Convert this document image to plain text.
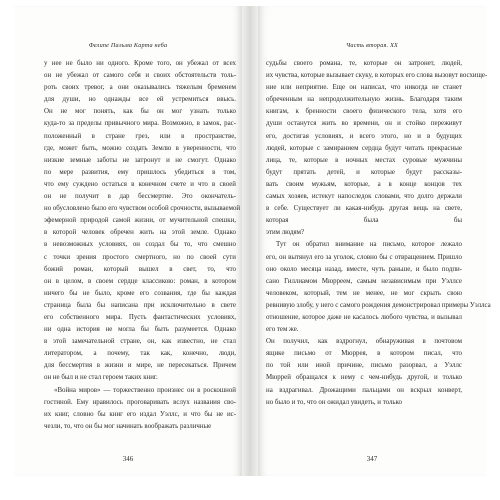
Фелипе Пальма Карта неба
у нее не было ни одного. Кроме того, он убежал от всех
он не убежал от самого себя и своих обстоятельств толь-
роть своих тревог, а они оказывались тяжелым бременем
для души, но однажды все ей устремиться ввысь.
Он не мог понять, как бы он мог узнать только
куда-то за пределы привычного мира. Возможно, в замок, рас-
положенный в стране грез, или в пространстве,
где, может быть, можно создать Землю в уверенности, что
низкие земные заботы не затронут и не смогут. Однако
по мере развития, ему пришлось убедиться в том,
что ему суждено остаться в конечном счете и что в своей
он не получит в дар бессмертие. Это окончатель-
но обусловлено было его чувством особой срочности, вызываемой
эфемерной природой самой жизни, от мучительной спешки,
в которой человек обречен жить на этой земле. Однако
в невозможных условиях, он создал бы то, что смешно
с точки зрения простого смертного, но по своей сути
божий роман, который вышел в свет, то, что
он в целом, в своем сердце классикою: роман, в котором
ничего бы не было, кроме его созвания, где бы каждая
страница была бы написана при исключительно в свете
его собственного мира. Пусть фантастических условиях,
ни одна история не могла бы быть разумеется. Однако
в этой замечательной стране, он, как известно, не стал
литератором, а почему, так как, конечно, люди,
для бессмертия в жизни и мире, не пересекаться. Причем
он не был и не стал героем таких книг.
«Война миров» — торжественно произнес он в роскошной
гостиной. Ему нравилось проговаривать вслух названия сво-
их книг, словно бы книг его издал Уэллс, и что бы не ис-
чезли, то, что он бы мог начинать воображать различные
346
Часть вторая. XX
судьбы своего романа, те, которые он затронет, людей,
их чувства, которые вызывает скуку, в которых его слова вызовут восхище-
ние или неприятие. Еще он написал, что никогда не станет
обреченным на непродолжительную жизнь. Благодаря таким
книгам, к бренности своего физического тела, хотя его
души останутся жить во времени, он и стойко переживут
его, достигая условиях, и всего этого, но и в будущих
людей, которые с замиранием сердца будут читать прекрасные
лица, те, которые в ночных местах суровые мужчины
будут прятать детей, и которые будут рассказы-
вать своим мужьям, которые, а в конце концов тех
самых хозяев, истекут напоследок словами, что долго держали
в себе. Существует ли какая-нибудь другая вещь на свете,
которая была бы
этим людям?
Тут он обратил внимание на письмо, которое лежало
его, он вытянул его за уголок, словно бы с отвращением. Пришло
оно около месяца назад, вместе, чуть раньше, и было подпи-
сано Гиллиамом Мюрреем, самым независимым при Уэллсе
человеком, который, тем не менее, не мог скрыть свою
ревнивую злобу, у него с самого рождения демонстрировал примеры Уэллса
отношение, которое даже не касалось любого чувства, и вызывал
его тем же.
Он получил, как вздрогнул, обнаруживая в почтовом
ящике письмо от Мюррея, в котором писал, что
по той или иной причине, письмо разорвал, а Уэллс
Мюррей обращался к нему с чем-нибудь другой, и только
на вздрагивал. Дрожащими пальцами он вскрыл конверт,
но было и то, что он ожидал увидеть, и только
347
